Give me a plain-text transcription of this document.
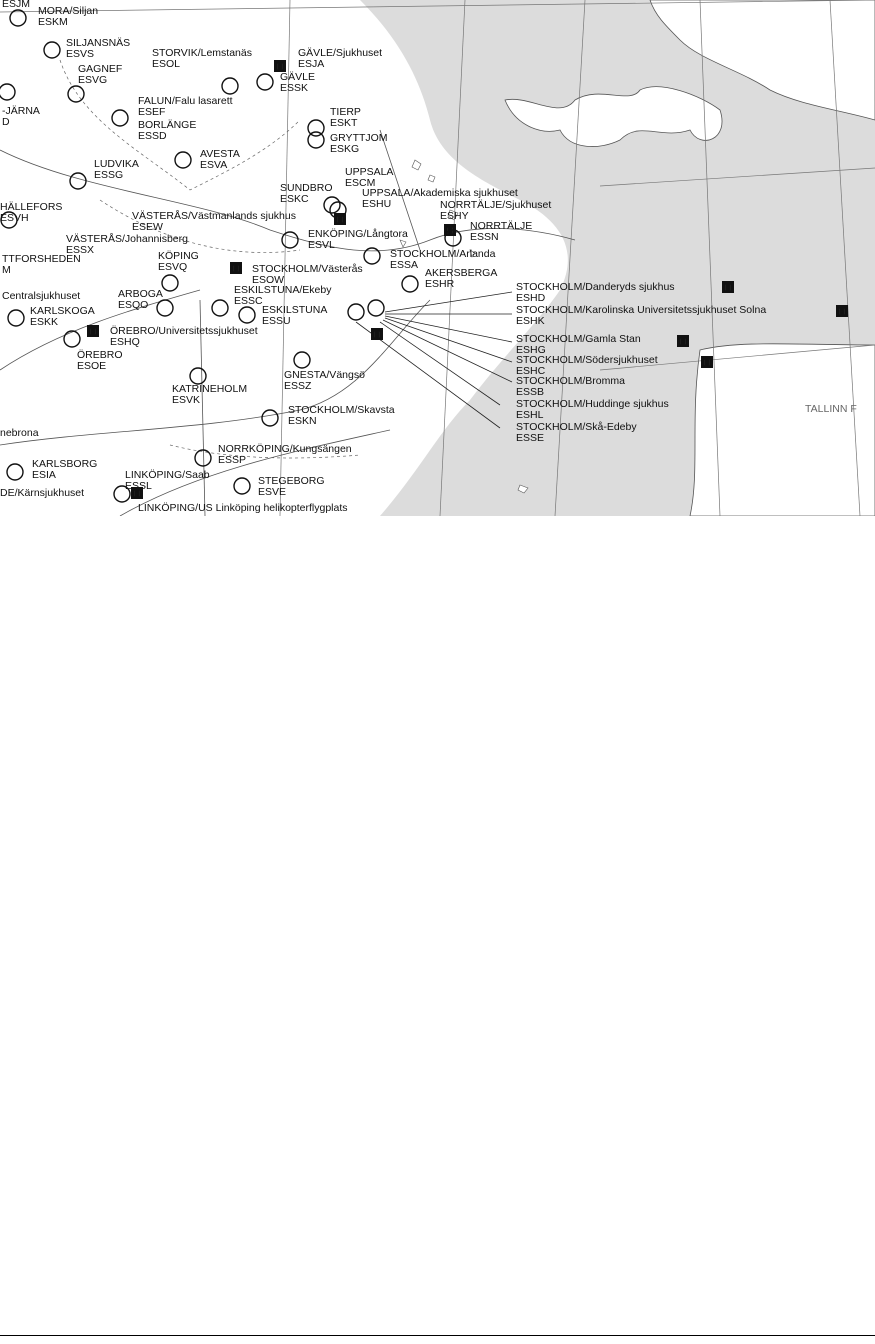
H
H
H
H
H
H
H
H
H
H
H
MORA/Siljan
ESKM
SILJANSNÄS
ESVS
GAGNEF
ESVG
STORVIK/Lemstanäs
ESOL
GÄVLE/Sjukhuset
ESJA
GÄVLE
ESSK
-JÄRNA
D
FALUN/Falu lasarett
ESEF
BORLÄNGE
ESSD
TIERP
ESKT
GRYTTJOM
ESKG
AVESTA
ESVA
LUDVIKA
ESSG	UPPSALA
ESCM
SUNDBRO
ESKC	UPPSALA/Akademiska sjukhuset
ESHU
HÄLLEFORS
ESVH	VÄSTERÅS/Västmanlands sjukhus
ESEW
NORRTÄLJE/Sjukhuset
ESHY
NORRTÄLJE
ESSN
VÄSTERÅS/Johannisberg
ESSX
ENKÖPING/Långtora
ESVL
STOCKHOLM/Arlanda
ESSA
TTFORSHEDEN
M
KÖPING
ESVQ	STOCKHOLM/Västerås
ESOW
AKERSBERGA
ESHR
Centralsjukhuset	ARBOGA
ESQO
ESKILSTUNA/Ekeby
ESSC
KARLSKOGA
ESKK
ESKILSTUNA
ESSU
ÖREBRO/Universitetssjukhuset
ESHQ
ÖREBRO
ESOE
GNESTA/Vängsö
ESSZ
KATRINEHOLM
ESVK
STOCKHOLM/Skavsta
ESKN
nebrona
NORRKÖPING/Kungsängen
ESSP
KARLSBORG
ESIA	LINKÖPING/Saab
ESSL	STEGEBORG
ESVE
DE/Kärnsjukhuset
LINKÖPING/US Linköping helikopterflygplats
STOCKHOLM/Danderyds sjukhus
ESHD
STOCKHOLM/Karolinska Universitetssjukhuset Solna
ESHK
STOCKHOLM/Gamla Stan
ESHG
STOCKHOLM/Södersjukhuset
ESHC
STOCKHOLM/Bromma
ESSB
STOCKHOLM/Huddinge sjukhus
ESHL
STOCKHOLM/Skå-Edeby
ESSE
ESJM
TALLINN F
